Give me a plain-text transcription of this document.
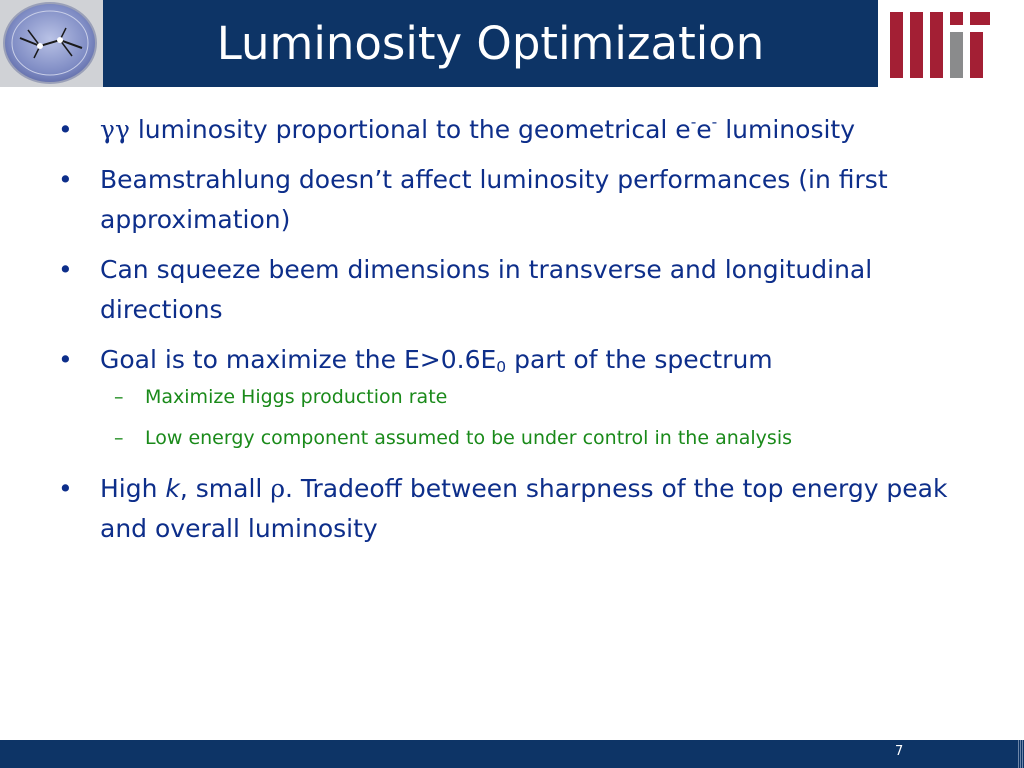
Luminosity Optimization
• γγ luminosity proportional to the geometrical e-e- luminosity
• Beamstrahlung doesn’t affect luminosity performances (in first approximation)
• Can squeeze beem dimensions in transverse and longitudinal directions
• Goal is to maximize the $E>0.6E_0$ part of the spectrum
– Maximize Higgs production rate
– Low energy component assumed to be under control in the analysis
• High k, small ρ. Tradeoff between sharpness of the top energy peak and overall luminosity
7
